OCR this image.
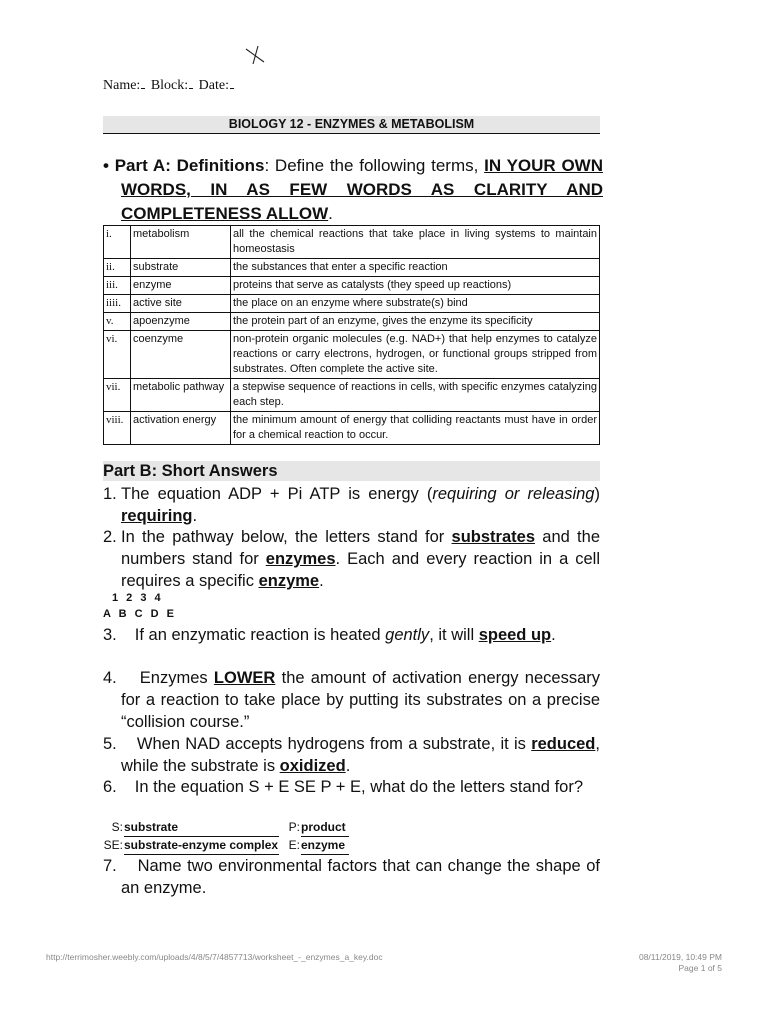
Name: Block: Date:
BIOLOGY 12 - ENZYMES & METABOLISM
• Part A: Definitions: Define the following terms, IN YOUR OWN WORDS, IN AS FEW WORDS AS CLARITY AND COMPLETENESS ALLOW.
i.	metabolism	all the chemical reactions that take place in living systems to maintain homeostasis
ii.	substrate	the substances that enter a specific reaction
iii.	enzyme	proteins that serve as catalysts (they speed up reactions)
iiii.	active site	the place on an enzyme where substrate(s) bind
v.	apoenzyme	the protein part of an enzyme, gives the enzyme its specificity
vi.	coenzyme	non-protein organic molecules (e.g. NAD+) that help enzymes to catalyze reactions or carry electrons, hydrogen, or functional groups stripped from substrates. Often complete the active site.
vii.	metabolic pathway	a stepwise sequence of reactions in cells, with specific enzymes catalyzing each step.
viii.	activation energy	the minimum amount of energy that colliding reactants must have in order for a chemical reaction to occur.
Part B: Short Answers
1. The equation ADP + Pi ATP is energy (requiring or releasing) requiring.
2. In the pathway below, the letters stand for substrates and the numbers stand for enzymes. Each and every reaction in a cell requires a specific enzyme.
1 2 3 4
A B C D E
3.	If an enzymatic reaction is heated gently, it will speed up.
4.	Enzymes LOWER the amount of activation energy necessary for a reaction to take place by putting its substrates on a precise “collision course.”
5.	When NAD accepts hydrogens from a substrate, it is reduced, while the substrate is oxidized.
6.	In the equation S + E SE P + E, what do the letters stand for?
S: substrate	P: product
SE: substrate-enzyme complex E: enzyme
7.	Name two environmental factors that can change the shape of an enzyme.
http://terrimosher.weebly.com/uploads/4/8/5/7/4857713/worksheet_-_enzymes_a_key.doc	08/11/2019, 10:49 PM
Page 1 of 5
